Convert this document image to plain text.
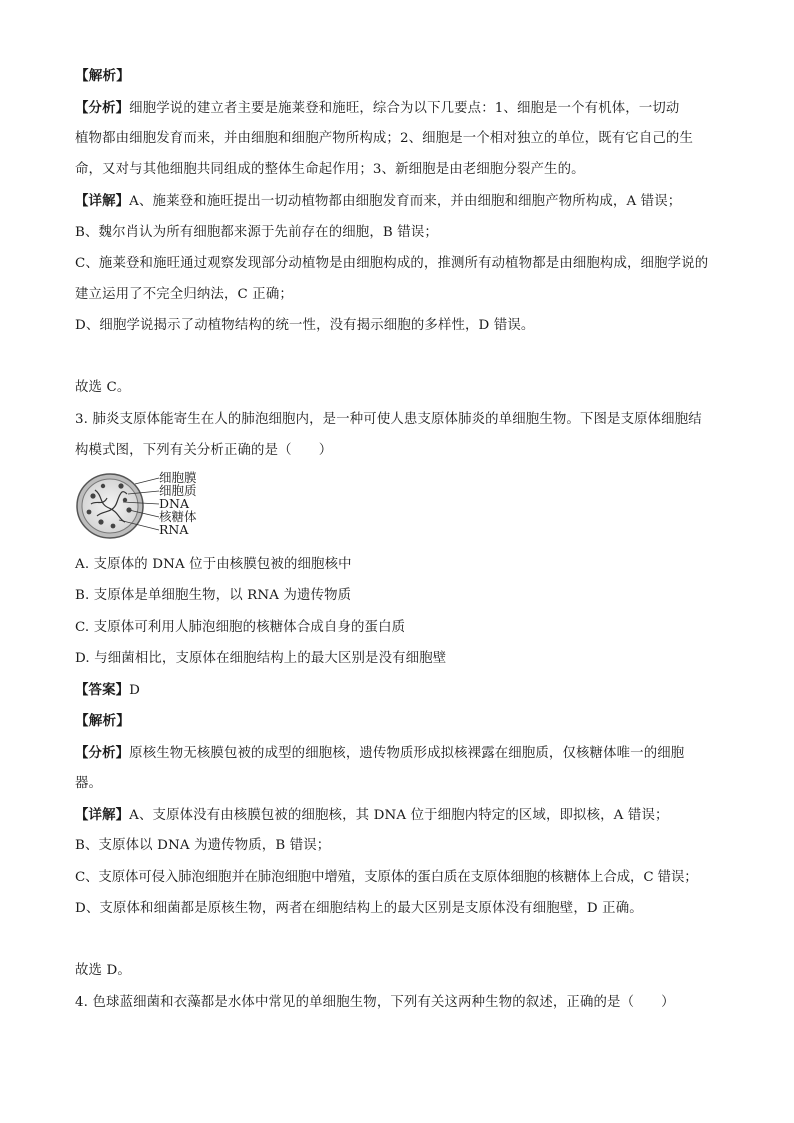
【解析】
【分析】细胞学说的建立者主要是施莱登和施旺，综合为以下几要点：1、细胞是一个有机体，一切动
植物都由细胞发育而来，并由细胞和细胞产物所构成；2、细胞是一个相对独立的单位，既有它自己的生
命，又对与其他细胞共同组成的整体生命起作用；3、新细胞是由老细胞分裂产生的。
【详解】A、施莱登和施旺提出一切动植物都由细胞发育而来，并由细胞和细胞产物所构成，A 错误；
B、魏尔肖认为所有细胞都来源于先前存在的细胞，B 错误；
C、施莱登和施旺通过观察发现部分动植物是由细胞构成的，推测所有动植物都是由细胞构成，细胞学说的
建立运用了不完全归纳法，C 正确；
D、细胞学说揭示了动植物结构的统一性，没有揭示细胞的多样性，D 错误。
故选 C。
3. 肺炎支原体能寄生在人的肺泡细胞内，是一种可使人患支原体肺炎的单细胞生物。下图是支原体细胞结
构模式图，下列有关分析正确的是（　　）
细胞膜
细胞质
DNA
核糖体
RNA
A. 支原体的 DNA 位于由核膜包被的细胞核中
B. 支原体是单细胞生物，以 RNA 为遗传物质
C. 支原体可利用人肺泡细胞的核糖体合成自身的蛋白质
D. 与细菌相比，支原体在细胞结构上的最大区别是没有细胞壁
【答案】D
【解析】
【分析】原核生物无核膜包被的成型的细胞核，遗传物质形成拟核裸露在细胞质，仅核糖体唯一的细胞
器。
【详解】A、支原体没有由核膜包被的细胞核，其 DNA 位于细胞内特定的区域，即拟核，A 错误；
B、支原体以 DNA 为遗传物质，B 错误；
C、支原体可侵入肺泡细胞并在肺泡细胞中增殖，支原体的蛋白质在支原体细胞的核糖体上合成，C 错误；
D、支原体和细菌都是原核生物，两者在细胞结构上的最大区别是支原体没有细胞壁，D 正确。
故选 D。
4. 色球蓝细菌和衣藻都是水体中常见的单细胞生物，下列有关这两种生物的叙述，正确的是（　　）
